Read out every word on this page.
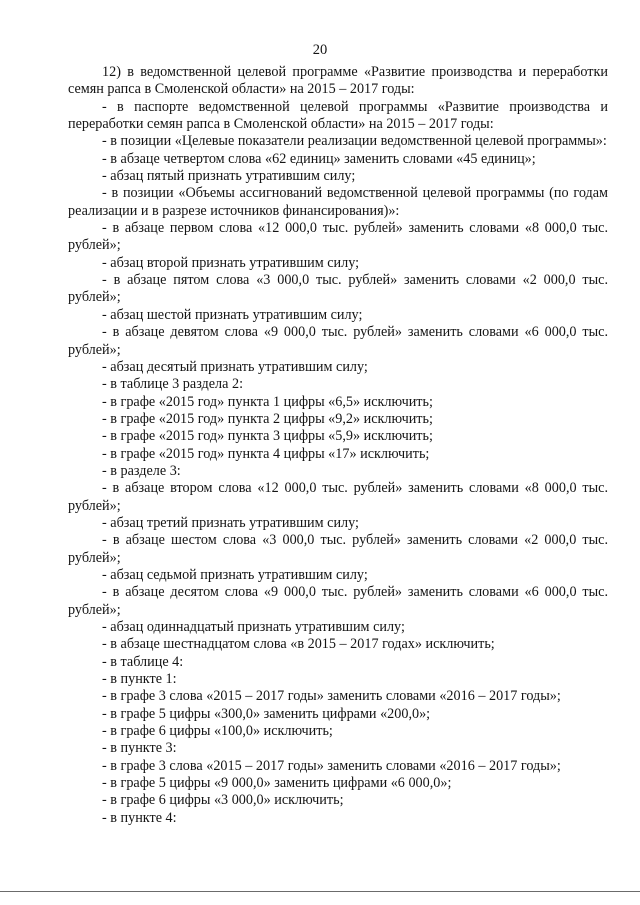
20

12) в ведомственной целевой программе «Развитие производства и переработки семян рапса в Смоленской области» на 2015 – 2017 годы:

- в паспорте ведомственной целевой программы «Развитие производства и переработки семян рапса в Смоленской области» на 2015 – 2017 годы:

- в позиции «Целевые показатели реализации ведомственной целевой программы»:

- в абзаце четвертом слова «62 единиц» заменить словами «45 единиц»;

- абзац пятый признать утратившим силу;

- в позиции «Объемы ассигнований ведомственной целевой программы (по годам реализации и в разрезе источников финансирования)»:

- в абзаце первом слова «12 000,0 тыс. рублей» заменить словами «8 000,0 тыс. рублей»;

- абзац второй признать утратившим силу;

- в абзаце пятом слова «3 000,0 тыс. рублей» заменить словами «2 000,0 тыс. рублей»;

- абзац шестой признать утратившим силу;

- в абзаце девятом слова «9 000,0 тыс. рублей» заменить словами «6 000,0 тыс. рублей»;

- абзац десятый признать утратившим силу;

- в таблице 3 раздела 2:

- в графе «2015 год» пункта 1 цифры «6,5» исключить;

- в графе «2015 год» пункта 2 цифры «9,2» исключить;

- в графе «2015 год» пункта 3 цифры «5,9» исключить;

- в графе «2015 год» пункта 4 цифры «17» исключить;

- в разделе 3:

- в абзаце втором слова «12 000,0 тыс. рублей» заменить словами «8 000,0 тыс. рублей»;

- абзац третий признать утратившим силу;

- в абзаце шестом слова «3 000,0 тыс. рублей» заменить словами «2 000,0 тыс. рублей»;

- абзац седьмой признать утратившим силу;

- в абзаце десятом слова «9 000,0 тыс. рублей» заменить словами «6 000,0 тыс. рублей»;

- абзац одиннадцатый признать утратившим силу;

- в абзаце шестнадцатом слова «в 2015 – 2017 годах» исключить;

- в таблице 4:

- в пункте 1:

- в графе 3 слова «2015 – 2017 годы» заменить словами «2016 – 2017 годы»;

- в графе 5 цифры «300,0» заменить цифрами «200,0»;

- в графе 6 цифры «100,0» исключить;

- в пункте 3:

- в графе 3 слова «2015 – 2017 годы» заменить словами «2016 – 2017 годы»;

- в графе 5 цифры «9 000,0» заменить цифрами «6 000,0»;

- в графе 6 цифры «3 000,0» исключить;

- в пункте 4:
